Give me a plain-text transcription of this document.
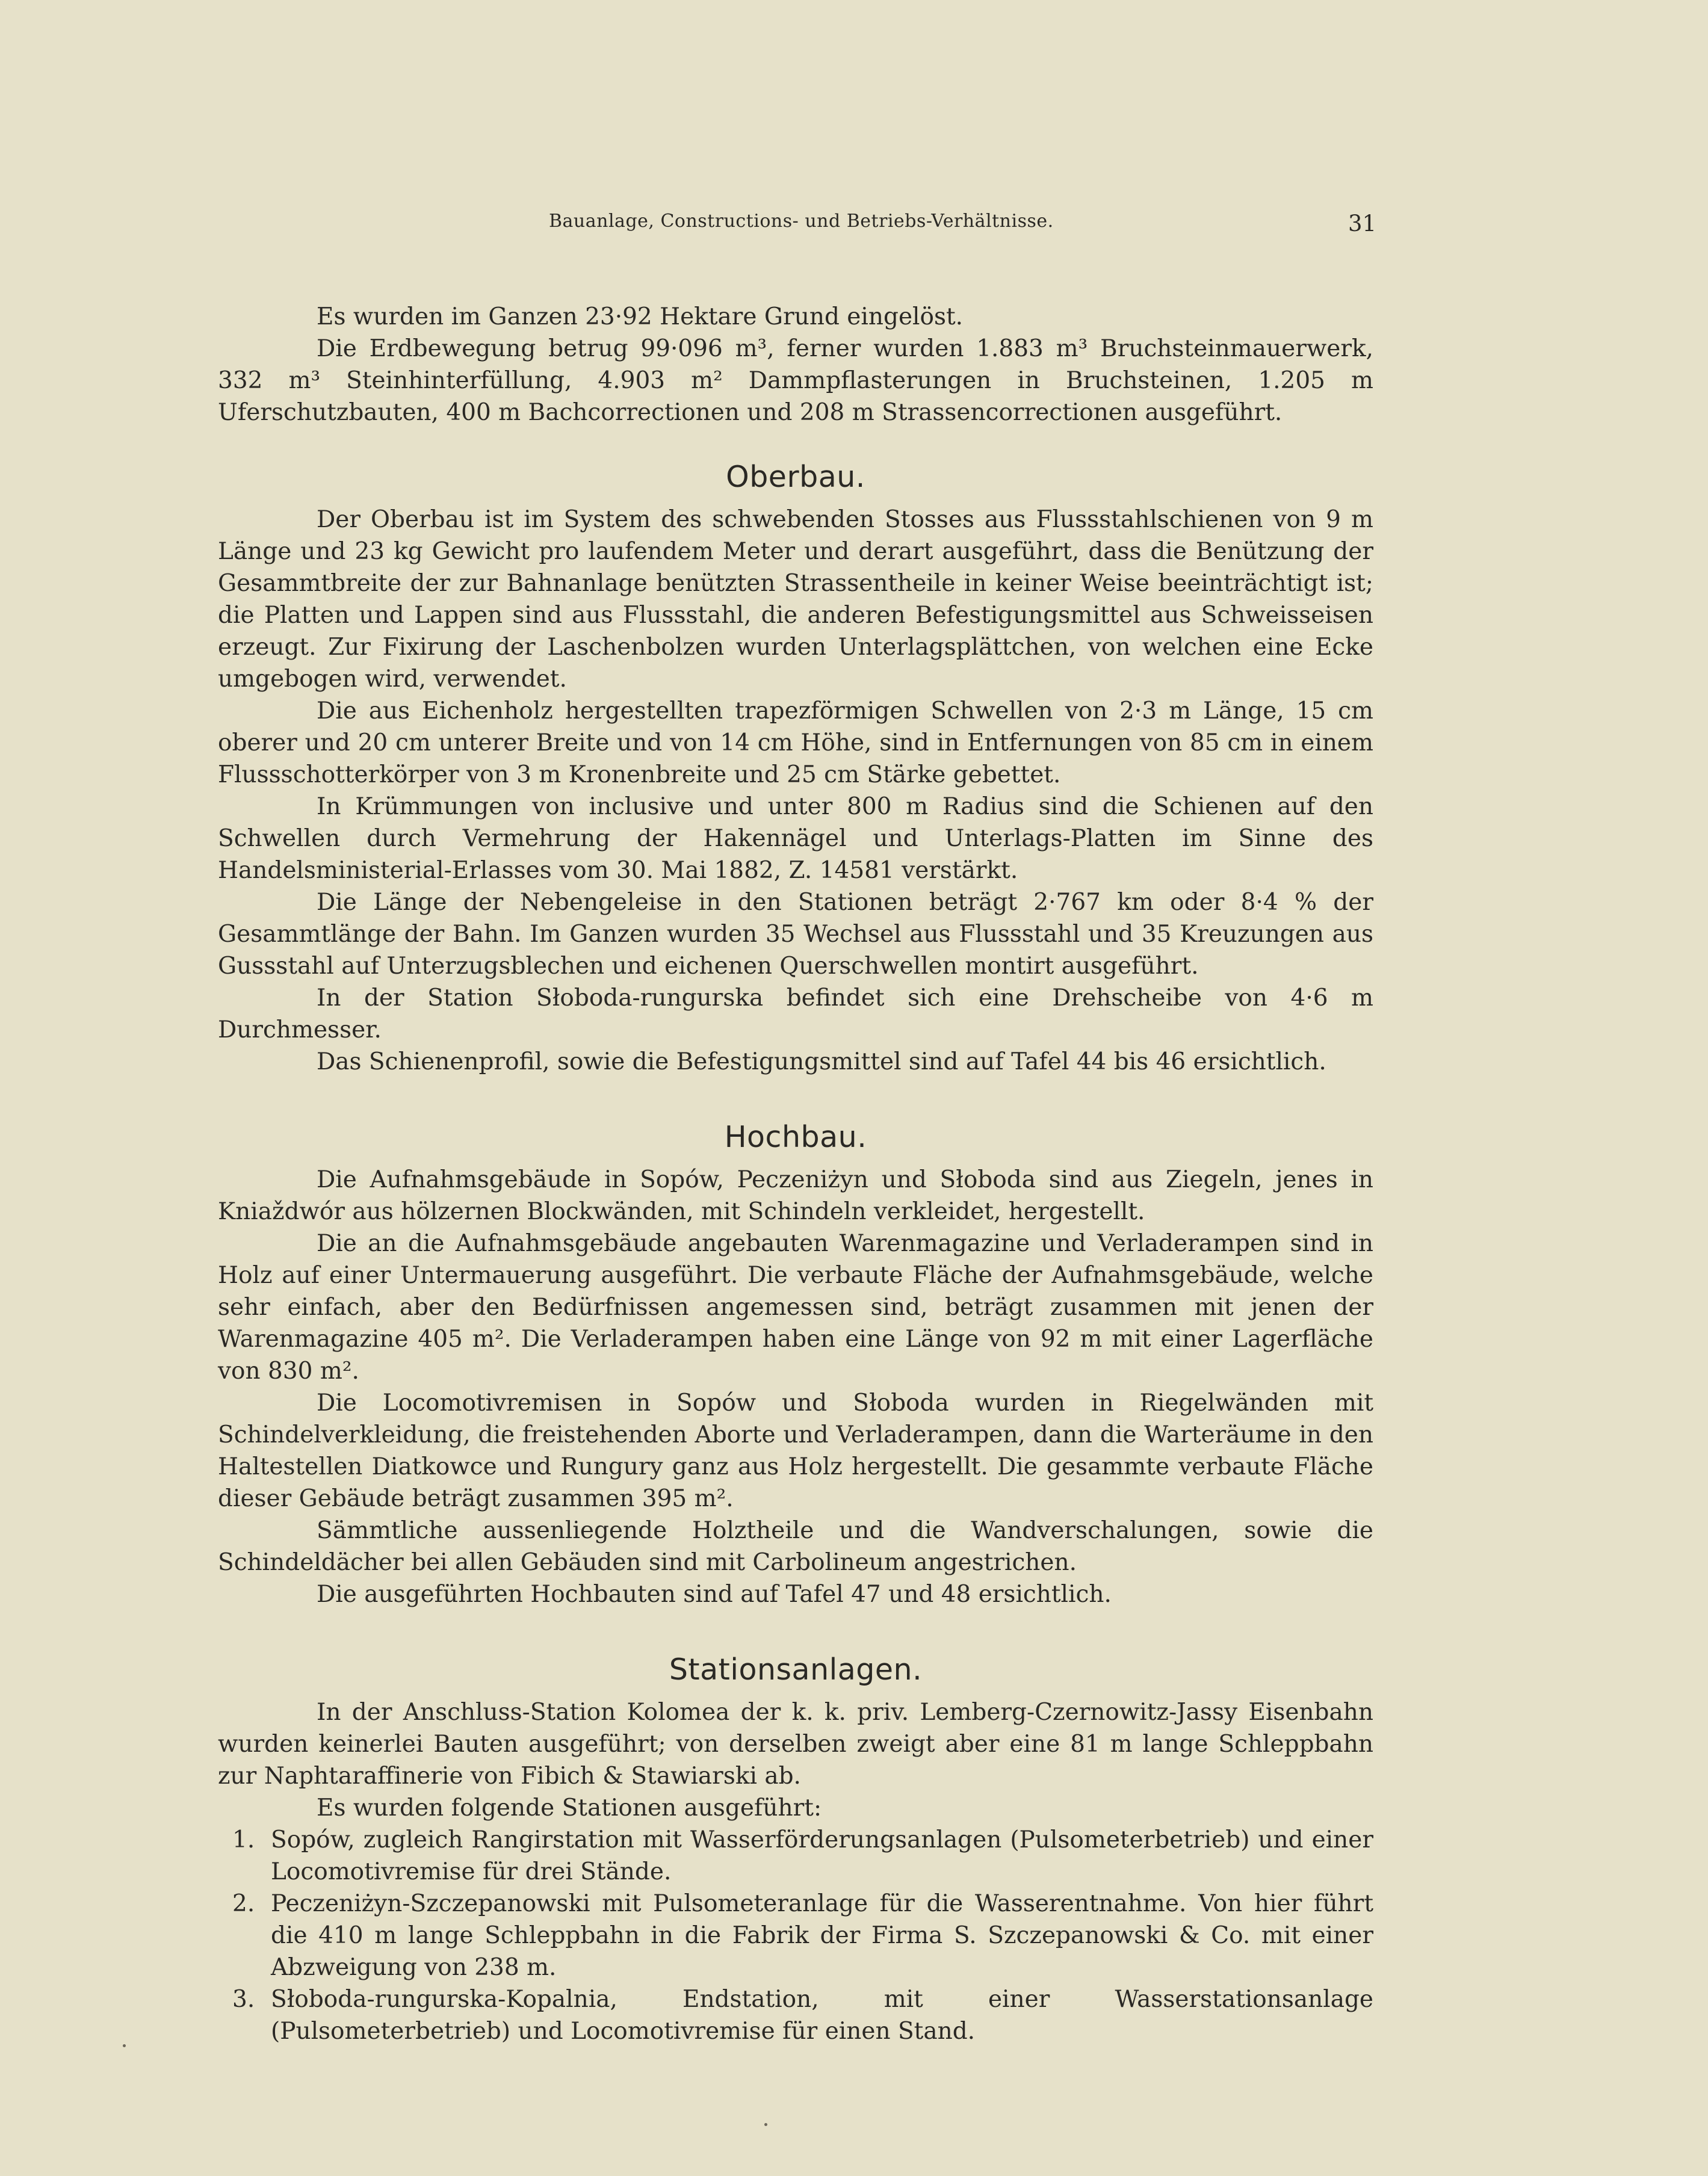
Bauanlage, Constructions- und Betriebs-Verhältnisse.	31

Es wurden im Ganzen 23·92 Hektare Grund eingelöst.

Die Erdbewegung betrug 99·096 m³, ferner wurden 1.883 m³ Bruchsteinmauerwerk, 332 m³ Steinhinterfüllung, 4.903 m² Dammpflasterungen in Bruchsteinen, 1.205 m Uferschutzbauten, 400 m Bachcorrectionen und 208 m Strassencorrectionen ausgeführt.

Oberbau.

Der Oberbau ist im System des schwebenden Stosses aus Flussstahlschienen von 9 m Länge und 23 kg Gewicht pro laufendem Meter und derart ausgeführt, dass die Benützung der Gesammtbreite der zur Bahnanlage benützten Strassentheile in keiner Weise beeinträchtigt ist; die Platten und Lappen sind aus Flussstahl, die anderen Befestigungsmittel aus Schweisseisen erzeugt. Zur Fixirung der Laschenbolzen wurden Unterlagsplättchen, von welchen eine Ecke umgebogen wird, verwendet.

Die aus Eichenholz hergestellten trapezförmigen Schwellen von 2·3 m Länge, 15 cm oberer und 20 cm unterer Breite und von 14 cm Höhe, sind in Entfernungen von 85 cm in einem Flussschotterkörper von 3 m Kronenbreite und 25 cm Stärke gebettet.

In Krümmungen von inclusive und unter 800 m Radius sind die Schienen auf den Schwellen durch Vermehrung der Hakennägel und Unterlags-Platten im Sinne des Handelsministerial-Erlasses vom 30. Mai 1882, Z. 14581 verstärkt.

Die Länge der Nebengeleise in den Stationen beträgt 2·767 km oder 8·4 % der Gesammtlänge der Bahn. Im Ganzen wurden 35 Wechsel aus Flussstahl und 35 Kreuzungen aus Gussstahl auf Unterzugsblechen und eichenen Querschwellen montirt ausgeführt.

In der Station Słoboda-rungurska befindet sich eine Drehscheibe von 4·6 m Durchmesser.

Das Schienenprofil, sowie die Befestigungsmittel sind auf Tafel 44 bis 46 ersichtlich.

Hochbau.

Die Aufnahmsgebäude in Sopów, Peczeniżyn und Słoboda sind aus Ziegeln, jenes in Kniaždwór aus hölzernen Blockwänden, mit Schindeln verkleidet, hergestellt.

Die an die Aufnahmsgebäude angebauten Warenmagazine und Verladerampen sind in Holz auf einer Untermauerung ausgeführt. Die verbaute Fläche der Aufnahmsgebäude, welche sehr einfach, aber den Bedürfnissen angemessen sind, beträgt zusammen mit jenen der Warenmagazine 405 m². Die Verladerampen haben eine Länge von 92 m mit einer Lagerfläche von 830 m².

Die Locomotivremisen in Sopów und Słoboda wurden in Riegelwänden mit Schindelverkleidung, die freistehenden Aborte und Verladerampen, dann die Warteräume in den Haltestellen Diatkowce und Rungury ganz aus Holz hergestellt. Die gesammte verbaute Fläche dieser Gebäude beträgt zusammen 395 m².

Sämmtliche aussenliegende Holztheile und die Wandverschalungen, sowie die Schindeldächer bei allen Gebäuden sind mit Carbolineum angestrichen.

Die ausgeführten Hochbauten sind auf Tafel 47 und 48 ersichtlich.

Stationsanlagen.

In der Anschluss-Station Kolomea der k. k. priv. Lemberg-Czernowitz-Jassy Eisenbahn wurden keinerlei Bauten ausgeführt; von derselben zweigt aber eine 81 m lange Schleppbahn zur Naphtaraffinerie von Fibich & Stawiarski ab.

Es wurden folgende Stationen ausgeführt:

1. Sopów, zugleich Rangirstation mit Wasserförderungsanlagen (Pulsometerbetrieb) und einer Locomotivremise für drei Stände.
2. Peczeniżyn-Szczepanowski mit Pulsometeranlage für die Wasserentnahme. Von hier führt die 410 m lange Schleppbahn in die Fabrik der Firma S. Szczepanowski & Co. mit einer Abzweigung von 238 m.
3. Słoboda-rungurska-Kopalnia, Endstation, mit einer Wasserstationsanlage (Pulsometerbetrieb) und Locomotivremise für einen Stand.
